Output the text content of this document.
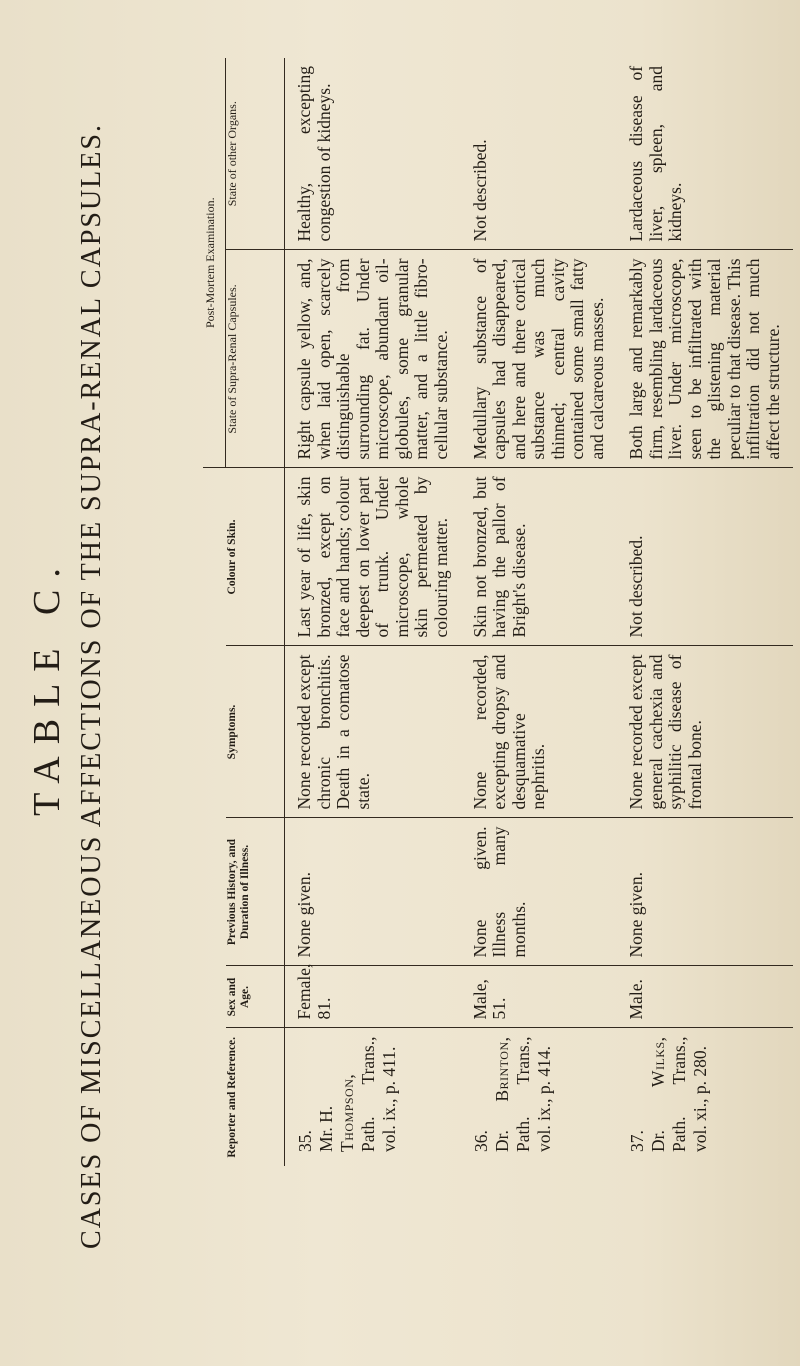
TABLE C. CASES OF MISCELLANEOUS AFFECTIONS OF THE SUPRA-RENAL CAPSULES.
					Post-Mortem Examination.	
Reporter and Reference.	Sex and Age.	Previous History, and Duration of Illness.	Symptoms.	Colour of Skin.	State of Supra-Renal Capsules.	State of other Organs.
35.
Mr. H.
Thompson, Path. Trans., vol. ix., p. 411.	Female, 81.	None given.	None recorded except chronic bronchitis. Death in a comatose state.	Last year of life, skin bronzed, except on face and hands; colour deepest on lower part of trunk. Under microscope, whole skin permeated by colouring matter.	Right capsule yellow, and, when laid open, scarcely distinguishable from surrounding fat. Under microscope, abundant oil-globules, some granular matter, and a little fibro-cellular substance.	Healthy, excepting congestion of kidneys.
36.
Dr. Brinton, Path. Trans., vol. ix., p. 414.	Male, 51.	None given. Illness many months.	None recorded, excepting dropsy and desquamative nephritis.	Skin not bronzed, but having the pallor of Bright's disease.	Medullary substance of capsules had disappeared, and here and there cortical substance was much thinned; central cavity contained some small fatty and calcareous masses.	Not described.
37.
Dr. Wilks, Path. Trans., vol. xi., p. 280.	Male.	None given.	None recorded except general cachexia and syphilitic disease of frontal bone.	Not described.	Both large and remarkably firm, resembling lardaceous liver. Under microscope, seen to be infiltrated with the glistening material peculiar to that disease. This infiltration did not much affect the structure.	Lardaceous disease of liver, spleen, and kidneys.
